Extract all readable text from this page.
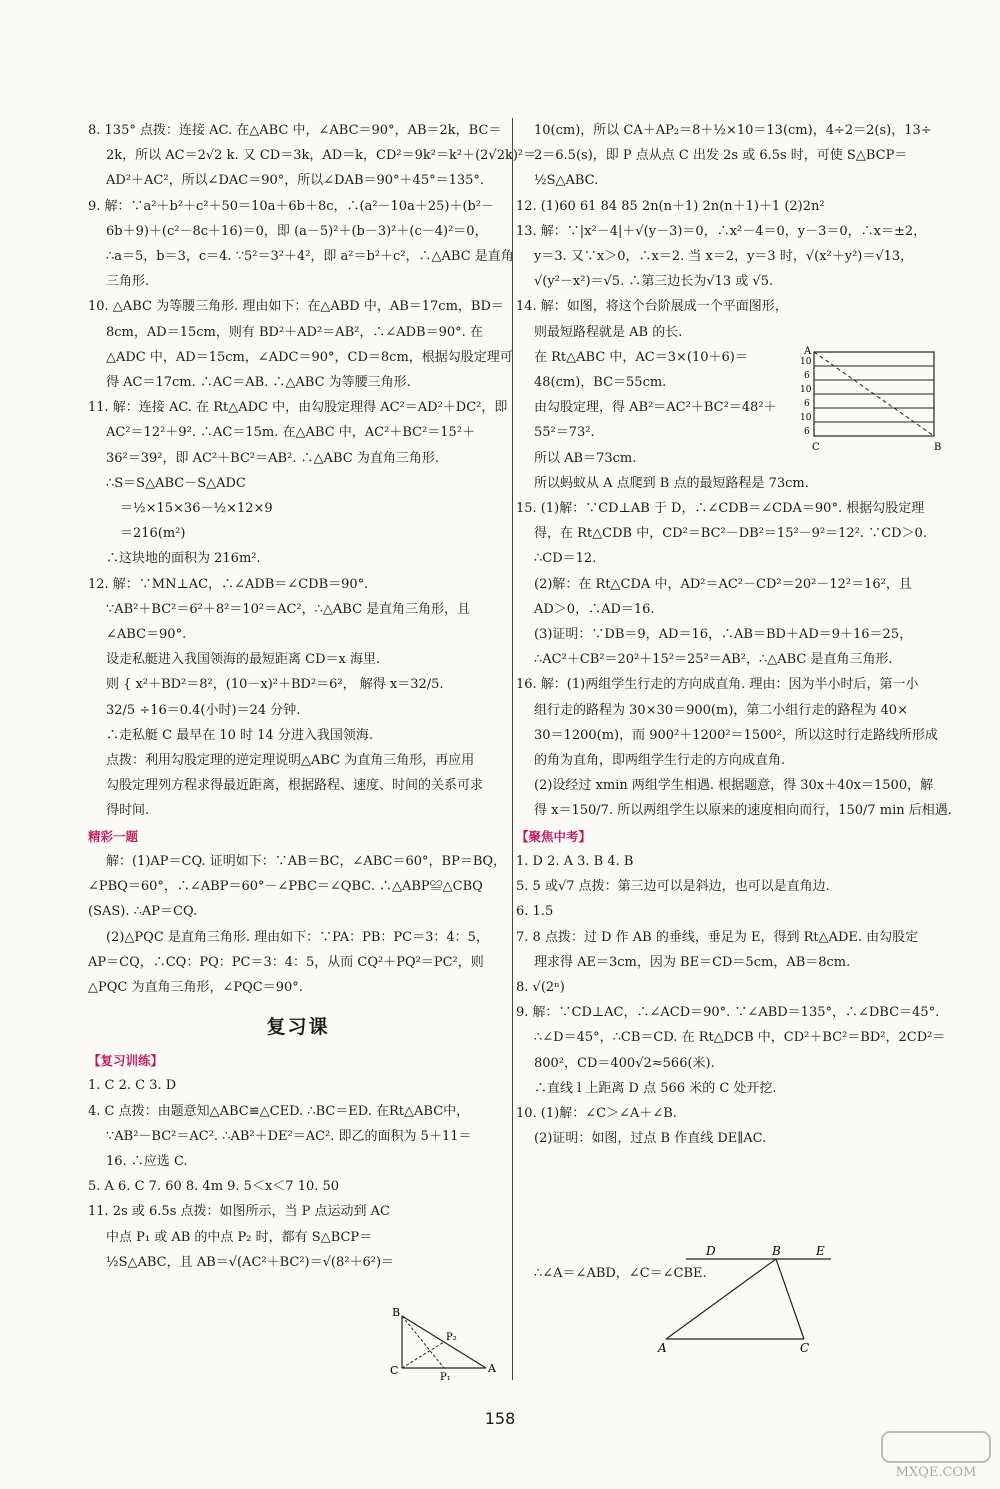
8. 135° 点拨：连接 AC. 在△ABC 中，∠ABC＝90°，AB＝2k，BC＝

2k，所以 AC＝2√2 k. 又 CD＝3k，AD＝k，CD²＝9k²＝k²＋(2√2k)²＝

AD²＋AC²，所以∠DAC＝90°，所以∠DAB＝90°＋45°＝135°.

9. 解：∵a²＋b²＋c²＋50＝10a＋6b＋8c，∴(a²－10a＋25)＋(b²－

6b＋9)＋(c²－8c＋16)＝0，即 (a－5)²＋(b－3)²＋(c－4)²＝0，

∴a＝5，b＝3，c＝4. ∵5²＝3²＋4²，即 a²＝b²＋c²，∴△ABC 是直角

三角形.

10. △ABC 为等腰三角形. 理由如下：在△ABD 中，AB＝17cm，BD＝

8cm，AD＝15cm，则有 BD²＋AD²＝AB²，∴∠ADB＝90°. 在

△ADC 中，AD＝15cm，∠ADC＝90°，CD＝8cm，根据勾股定理可

得 AC＝17cm. ∴AC＝AB. ∴△ABC 为等腰三角形.

11. 解：连接 AC. 在 Rt△ADC 中，由勾股定理得 AC²＝AD²＋DC²，即

AC²＝12²＋9². ∴AC＝15m. 在△ABC 中，AC²＋BC²＝15²＋

36²＝39²，即 AC²＋BC²＝AB². ∴△ABC 为直角三角形.

∴S＝S△ABC－S△ADC

＝½×15×36－½×12×9

＝216(m²)

∴这块地的面积为 216m².

12. 解：∵MN⊥AC，∴∠ADB＝∠CDB＝90°.

∵AB²＋BC²＝6²＋8²＝10²＝AC²，∴△ABC 是直角三角形，且

∠ABC＝90°.

设走私艇进入我国领海的最短距离 CD＝x 海里.

则 { x²＋BD²＝8²，(10－x)²＋BD²＝6²， 解得 x＝32/5.

32/5 ÷16＝0.4(小时)＝24 分钟.

∴走私艇 C 最早在 10 时 14 分进入我国领海.

点拨：利用勾股定理的逆定理说明△ABC 为直角三角形，再应用

勾股定理列方程求得最近距离，根据路程、速度、时间的关系可求

得时间.

精彩一题

解：(1)AP＝CQ. 证明如下：∵AB＝BC，∠ABC＝60°，BP＝BQ，

∠PBQ＝60°，∴∠ABP＝60°－∠PBC＝∠QBC. ∴△ABP≌△CBQ

(SAS). ∴AP＝CQ.

(2)△PQC 是直角三角形. 理由如下：∵PA：PB：PC＝3：4：5，

AP＝CQ，∴CQ：PQ：PC＝3：4：5，从而 CQ²＋PQ²＝PC²，则

△PQC 为直角三角形，∠PQC＝90°.

复习课

【复习训练】

1. C 2. C 3. D

4. C 点拨：由题意知△ABC≌△CED. ∴BC＝ED. 在Rt△ABC中，

∵AB²－BC²＝AC². ∴AB²＋DE²＝AC². 即乙的面积为 5＋11＝

16. ∴应选 C.

5. A 6. C 7. 60 8. 4m 9. 5＜x＜7 10. 50

11. 2s 或 6.5s 点拨：如图所示，当 P 点运动到 AC

中点 P₁ 或 AB 的中点 P₂ 时，都有 S△BCP＝

½S△ABC，且 AB＝√(AC²＋BC²)＝√(8²＋6²)＝

B
C	A
P₁
P₂

10(cm)，所以 CA＋AP₂＝8＋½×10＝13(cm)，4÷2＝2(s)，13÷

2＝6.5(s)，即 P 点从点 C 出发 2s 或 6.5s 时，可使 S△BCP＝

½S△ABC.

12. (1)60 61 84 85 2n(n＋1) 2n(n＋1)＋1 (2)2n²

13. 解：∵|x²－4|＋√(y－3)＝0，∴x²－4＝0，y－3＝0，∴x＝±2，

y＝3. 又∵x＞0，∴x＝2. 当 x＝2，y＝3 时，√(x²＋y²)＝√13，

√(y²－x²)＝√5. ∴第三边长为√13 或 √5.

14. 解：如图，将这个台阶展成一个平面图形，

则最短路程就是 AB 的长.

在 Rt△ABC 中，AC＝3×(10＋6)＝

48(cm)，BC＝55cm.

由勾股定理，得 AB²＝AC²＋BC²＝48²＋

55²＝73².

所以 AB＝73cm.

所以蚂蚁从 A 点爬到 B 点的最短路程是 73cm.

15. (1)解：∵CD⊥AB 于 D，∴∠CDB＝∠CDA＝90°. 根据勾股定理

得，在 Rt△CDB 中，CD²＝BC²－DB²＝15²－9²＝12². ∵CD＞0.

∴CD＝12.

(2)解：在 Rt△CDA 中，AD²＝AC²－CD²＝20²－12²＝16²，且

AD＞0，∴AD＝16.

(3)证明：∵DB＝9，AD＝16，∴AB＝BD＋AD＝9＋16＝25，

∴AC²＋CB²＝20²＋15²＝25²＝AB²，∴△ABC 是直角三角形.

16. 解：(1)两组学生行走的方向成直角. 理由：因为半小时后，第一小

组行走的路程为 30×30＝900(m)，第二小组行走的路程为 40×

30＝1200(m)，而 900²＋1200²＝1500²，所以这时行走路线所形成

的角为直角，即两组学生行走的方向成直角.

(2)设经过 xmin 两组学生相遇. 根据题意，得 30x＋40x＝1500，解

得 x＝150/7. 所以两组学生以原来的速度相向而行，150/7 min 后相遇.

【聚焦中考】

1. D 2. A 3. B 4. B

5. 5 或√7 点拨：第三边可以是斜边，也可以是直角边.

6. 1.5

7. 8 点拨：过 D 作 AB 的垂线，垂足为 E，得到 Rt△ADE. 由勾股定

理求得 AE＝3cm，因为 BE＝CD＝5cm，AB＝8cm.

8. √(2ⁿ)

9. 解：∵CD⊥AC，∴∠ACD＝90°. ∵∠ABD＝135°，∴∠DBC＝45°.

∴∠D＝45°，∴CB＝CD. 在 Rt△DCB 中，CD²＋BC²＝BD²，2CD²＝

800²，CD＝400√2≈566(米).

∴直线 l 上距离 D 点 566 米的 C 处开挖.

10. (1)解：∠C＞∠A＋∠B.

(2)证明：如图，过点 B 作直线 DE∥AC.

∴∠A＝∠ABD，∠C＝∠CBE.

A
10
6
10
6
10
6
C	B
D	B	E
A	C
158
MXQE.COM
